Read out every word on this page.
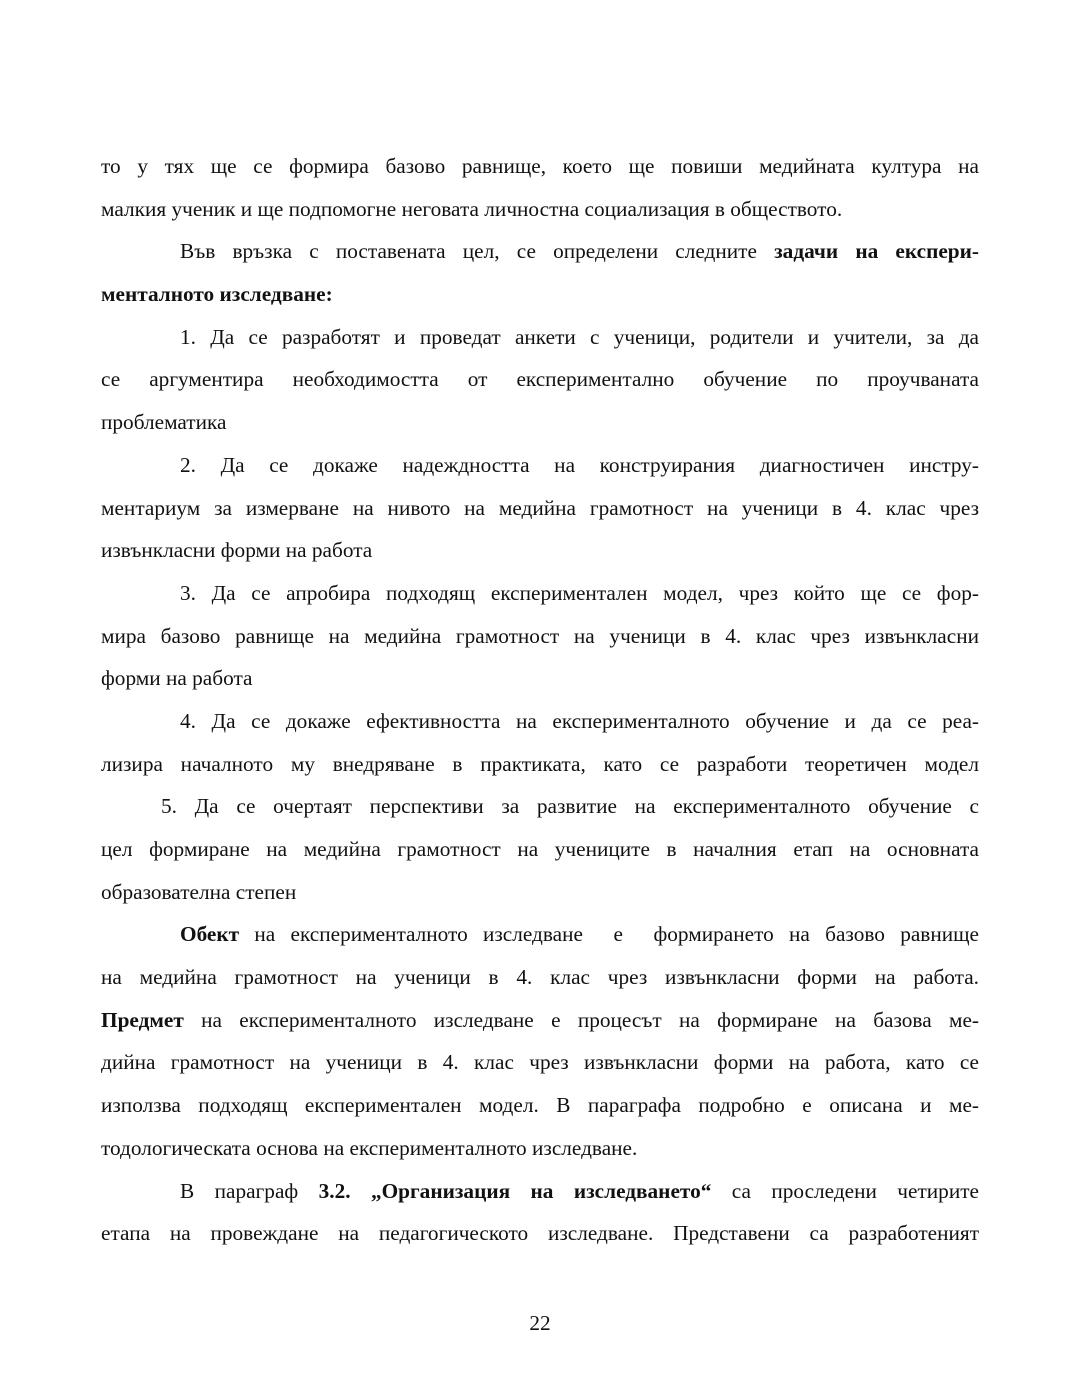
то у тях ще се формира базово равнище, което ще повиши медийната култура на
малкия ученик и ще подпомогне неговата личностна социализация в обществото.
Във връзка с поставената цел, се определени следните задачи на експери-
менталното изследване:
1. Да се разработят и проведат анкети с ученици, родители и учители, за да
се аргументира необходимостта от експериментално обучение по проучваната
проблематика
2. Да се докаже надеждността на конструирания диагностичен инстру-
ментариум за измерване на нивото на медийна грамотност на ученици в 4. клас чрез
извънкласни форми на работа
3. Да се апробира подходящ експериментален модел, чрез който ще се фор-
мира базово равнище на медийна грамотност на ученици в 4. клас чрез извънкласни
форми на работа
4. Да се докаже ефективността на експерименталното обучение и да се реа-
лизира началното му внедряване в практиката, като се разработи теоретичен модел
5. Да се очертаят перспективи за развитие на експерименталното обучение с
цел формиране на медийна грамотност на учениците в началния етап на основната
образователна степен
Обект на експерименталното изследване  е  формирането на базово равнище
на медийна грамотност на ученици в 4. клас чрез извънкласни форми на работа.
Предмет на експерименталното изследване е процесът на формиране на базова ме-
дийна грамотност на ученици в 4. клас чрез извънкласни форми на работа, като се
използва подходящ експериментален модел. В параграфа подробно е описана и ме-
тодологическата основа на експерименталното изследване.
В параграф 3.2. „Организация на изследването“ са проследени четирите
етапа на провеждане на педагогическото изследване. Представени са разработеният
22
